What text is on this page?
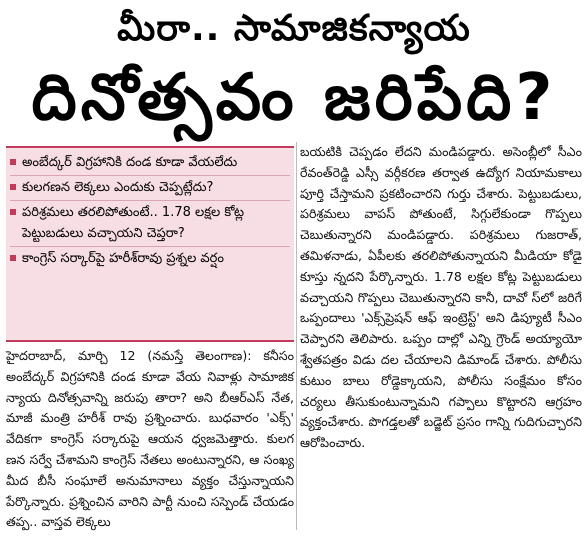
మీరా.. సామాజికన్యాయ
దినోత్సవం జరిపేది?
అంబేద్కర్ విగ్రహానికి దండ కూడా వేయలేదు
కులగణన లెక్కలు ఎందుకు చెప్పట్లేదు?
పరిశ్రమలు తరలిపోతుంటే.. 1.78 లక్షల కోట్ల పెట్టుబడులు వచ్చాయని చెప్తరా?
కాంగ్రెస్ సర్కార్‌పై హరీశ్‌రావు ప్రశ్నల వర్షం
హైదరాబాద్, మార్చి 12 (నమస్తే తెలంగాణ): కనీసం అంబేద్కర్ విగ్రహానికి దండ కూడా వేయ నివాళ్లు సామాజిక న్యాయ దినోత్సవాన్ని జరుపు తారా? అని బీఆర్ఎస్ నేత, మాజీ మంత్రి హరీశ్ రావు ప్రశ్నించారు. బుధవారం 'ఎక్స్' వేదికగా కాంగ్రెస్ సర్కారుపై ఆయన ధ్వజమెత్తారు. కులగ ణన సర్వే చేశామని కాంగ్రెస్ నేతలు అంటున్నారని, ఆ సంఖ్య మీద బీసీ సంఘాలే అనుమానాలు వ్యక్తం చేస్తున్నాయని పేర్కొన్నారు. ప్రశ్నించిన వారిని పార్టీ నుంచి సస్పెండ్ చేయడం తప్ప.. వాస్తవ లెక్కలు
బయటికి చెప్పడం లేదని మండిపడ్డారు. అసెంబ్లీలో సీఎం రేవంత్‌రెడ్డి ఎస్సీ వర్గీకరణ తర్వాత ఉద్యోగ నియామకాలు పూర్తి చేస్తామని ప్రకటించారని గుర్తు చేశారు. పెట్టుబడులు, పరిశ్రమలు వాపస్ పోతుంటే, సిగ్గులేకుండా గొప్పలు చెబుతున్నారని మండిపడ్డారు. పరిశ్రమలు గుజరాత్, తమిళనాడు, ఏపీలకు తరలిపోతున్నాయని మీడియా కోడై కూస్తు న్నదని పేర్కొన్నారు. 1.78 లక్షల కోట్ల పెట్టుబడులు వచ్చాయని గొప్పలు చెబుతున్నారని కానీ, దావో స్‌లో జరిగే ఒప్పందాలు 'ఎక్స్‌ప్రెషన్ ఆఫ్ ఇంట్రెస్ట్' అని డిప్యూటీ సీఎం చెప్పారని తెలిపారు. ఒప్పం దాల్లో ఎన్ని గ్రౌండ్ అయ్యాయో శ్వేతపత్రం విడు దల చేయాలని డిమాండ్ చేశారు. పోలీసు కుటుం బాలు రోడ్డెక్కాయని, పోలీసు సంక్షేమం కోసం చర్యలు తీసుకుంటున్నామని గప్పాలు కొట్టారని ఆగ్రహం వ్యక్తంచేశారు. పొగడ్తలతో బడ్జెట్ ప్రసం గాన్ని గుదిగుచ్చారని ఆరోపించారు.
